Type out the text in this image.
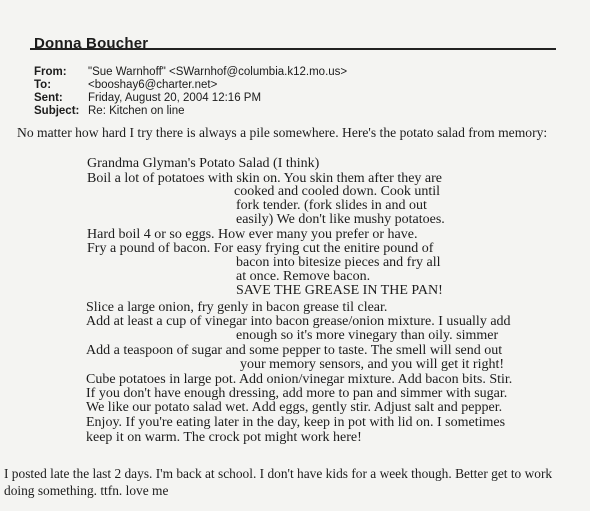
Donna Boucher
From: "Sue Warnhoff" <SWarnhof@columbia.k12.mo.us>
To:	<booshay6@charter.net>
Sent: Friday, August 20, 2004 12:16 PM
Subject: Re: Kitchen on line
No matter how hard I try there is always a pile somewhere. Here's the potato salad from memory:
Grandma Glyman's Potato Salad (I think)
Boil a lot of potatoes with skin on. You skin them after they are
cooked and cooled down. Cook until
fork tender. (fork slides in and out
easily) We don't like mushy potatoes.
Hard boil 4 or so eggs. How ever many you prefer or have.
Fry a pound of bacon. For easy frying cut the enitire pound of
bacon into bitesize pieces and fry all
at once. Remove bacon.
SAVE THE GREASE IN THE PAN!
Slice a large onion, fry genly in bacon grease til clear.
Add at least a cup of vinegar into bacon grease/onion mixture. I usually add
enough so it's more vinegary than oily. simmer
Add a teaspoon of sugar and some pepper to taste. The smell will send out
your memory sensors, and you will get it right!
Cube potatoes in large pot. Add onion/vinegar mixture. Add bacon bits. Stir.
If you don't have enough dressing, add more to pan and simmer with sugar.
We like our potato salad wet. Add eggs, gently stir. Adjust salt and pepper.
Enjoy. If you're eating later in the day, keep in pot with lid on. I sometimes
keep it on warm. The crock pot might work here!
I posted late the last 2 days. I'm back at school. I don't have kids for a week though. Better get to work
doing something. ttfn. love me
